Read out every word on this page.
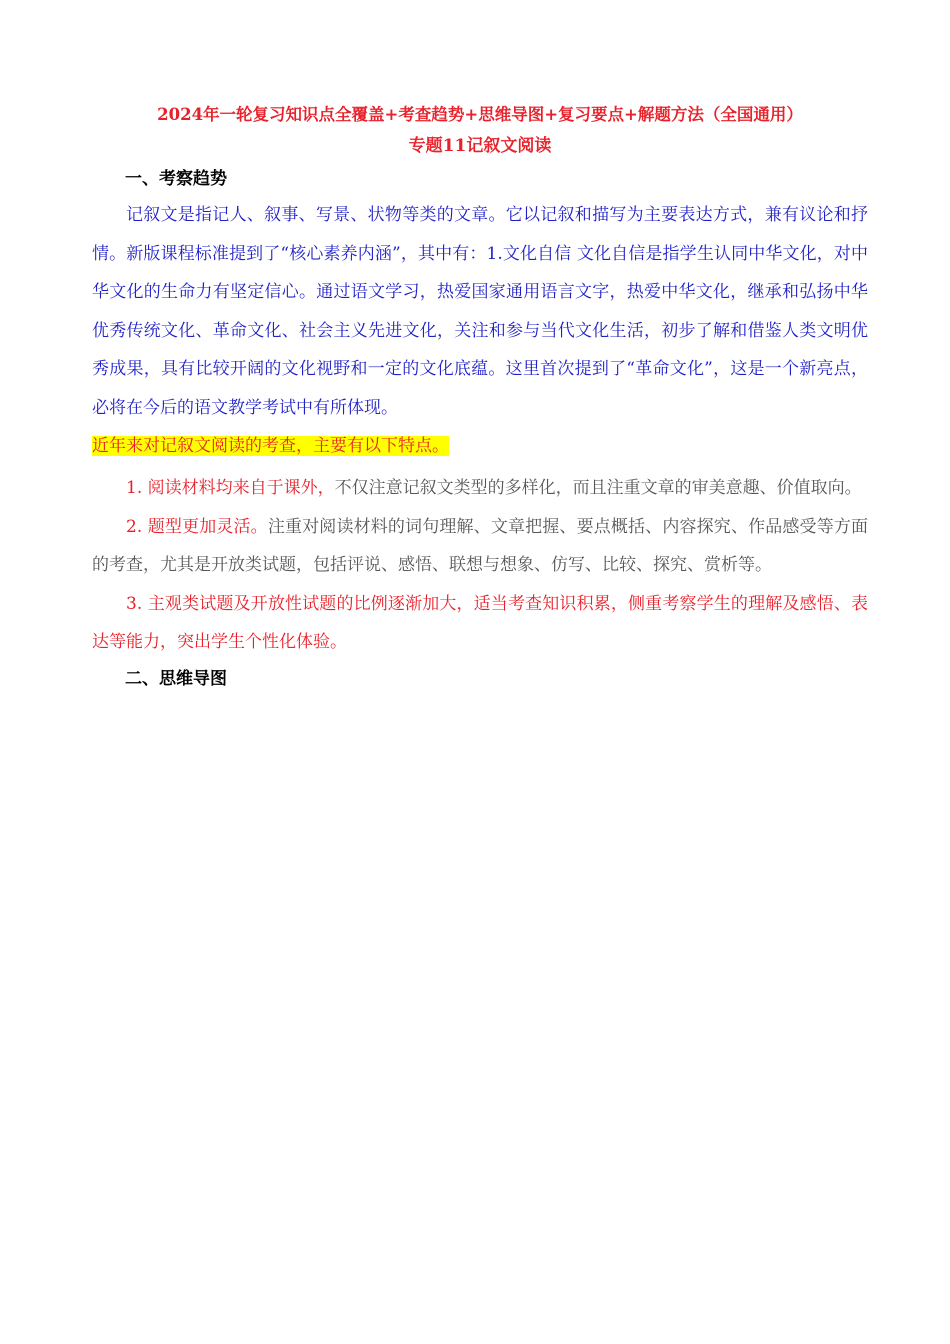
2024年一轮复习知识点全覆盖+考查趋势+思维导图+复习要点+解题方法（全国通用）

专题11记叙文阅读

一、考察趋势

记叙文是指记人、叙事、写景、状物等类的文章。它以记叙和描写为主要表达方式，兼有议论和抒情。新版课程标准提到了“核心素养内涵”，其中有：1.文化自信 文化自信是指学生认同中华文化，对中华文化的生命力有坚定信心。通过语文学习，热爱国家通用语言文字，热爱中华文化，继承和弘扬中华优秀传统文化、革命文化、社会主义先进文化，关注和参与当代文化生活，初步了解和借鉴人类文明优秀成果，具有比较开阔的文化视野和一定的文化底蕴。这里首次提到了“革命文化”，这是一个新亮点，必将在今后的语文教学考试中有所体现。

近年来对记叙文阅读的考查，主要有以下特点。

1. 阅读材料均来自于课外，不仅注意记叙文类型的多样化，而且注重文章的审美意趣、价值取向。

2. 题型更加灵活。注重对阅读材料的词句理解、文章把握、要点概括、内容探究、作品感受等方面的考查，尤其是开放类试题，包括评说、感悟、联想与想象、仿写、比较、探究、赏析等。

3. 主观类试题及开放性试题的比例逐渐加大，适当考查知识积累，侧重考察学生的理解及感悟、表达等能力，突出学生个性化体验。

二、思维导图
